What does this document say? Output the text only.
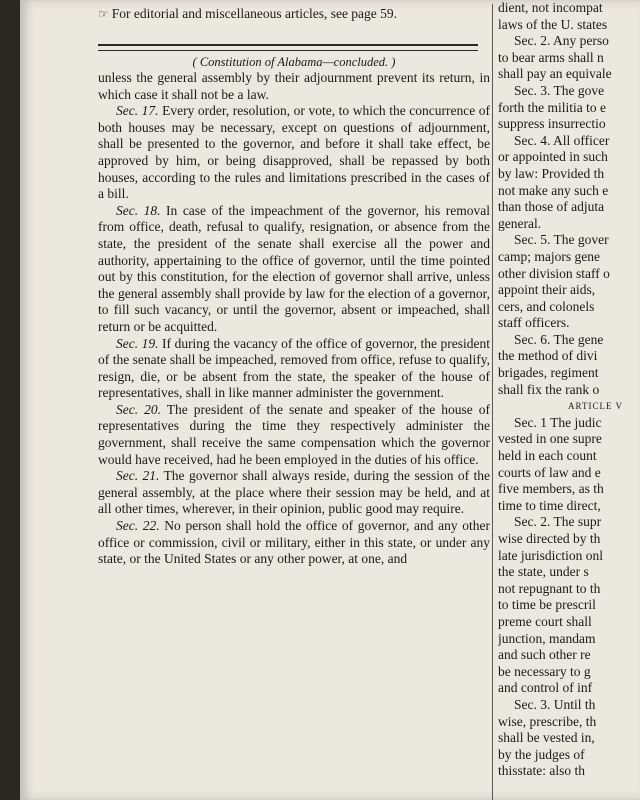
☞ For editorial and miscellaneous articles, see page 59.
( Constitution of Alabama—concluded. )

unless the general assembly by their adjournment prevent its return, in which case it shall not be a law.

Sec. 17. Every order, resolution, or vote, to which the concurrence of both houses may be necessary, except on questions of adjournment, shall be presented to the governor, and before it shall take effect, be approved by him, or being disapproved, shall be repassed by both houses, according to the rules and limitations prescribed in the cases of a bill.

Sec. 18. In case of the impeachment of the governor, his removal from office, death, refusal to qualify, resignation, or absence from the state, the president of the senate shall exercise all the power and authority, appertaining to the office of governor, until the time pointed out by this constitution, for the election of governor shall arrive, unless the general assembly shall provide by law for the election of a governor, to fill such vacancy, or until the governor, absent or impeached, shall return or be acquitted.

Sec. 19. If during the vacancy of the office of governor, the president of the senate shall be impeached, removed from office, refuse to qualify, resign, die, or be absent from the state, the speaker of the house of representatives, shall in like manner administer the government.

Sec. 20. The president of the senate and speaker of the house of representatives during the time they respectively administer the government, shall receive the same compensation which the governor would have received, had he been employed in the duties of his office.

Sec. 21. The governor shall always reside, during the session of the general assembly, at the place where their session may be held, and at all other times, wherever, in their opinion, public good may require.

Sec. 22. No person shall hold the office of governor, and any other office or commission, civil or military, either in this state, or under any state, or the United States or any other power, at one, and

dient, not incompat
laws of the U. states
Sec. 2. Any perso
to bear arms shall n
shall pay an equivale
Sec. 3. The gove
forth the militia to e
suppress insurrectio
Sec. 4. All officer
or appointed in such
by law: Provided th
not make any such e
than those of adjuta
general.
Sec. 5. The gover
camp; majors gene
other division staff o
appoint their aids,
cers, and colonels
staff officers.
Sec. 6. The gene
the method of divi
brigades, regiment
shall fix the rank o
ARTICLE V
Sec. 1 The judic
vested in one supre
held in each count
courts of law and e
five members, as th
time to time direct,
Sec. 2. The supr
wise directed by th
late jurisdiction onl
the state, under s
not repugnant to th
to time be prescril
preme court shall
junction, mandam
and such other re
be necessary to g
and control of inf
Sec. 3. Until th
wise, prescribe, th
shall be vested in,
by the judges of
thisstate: also th
